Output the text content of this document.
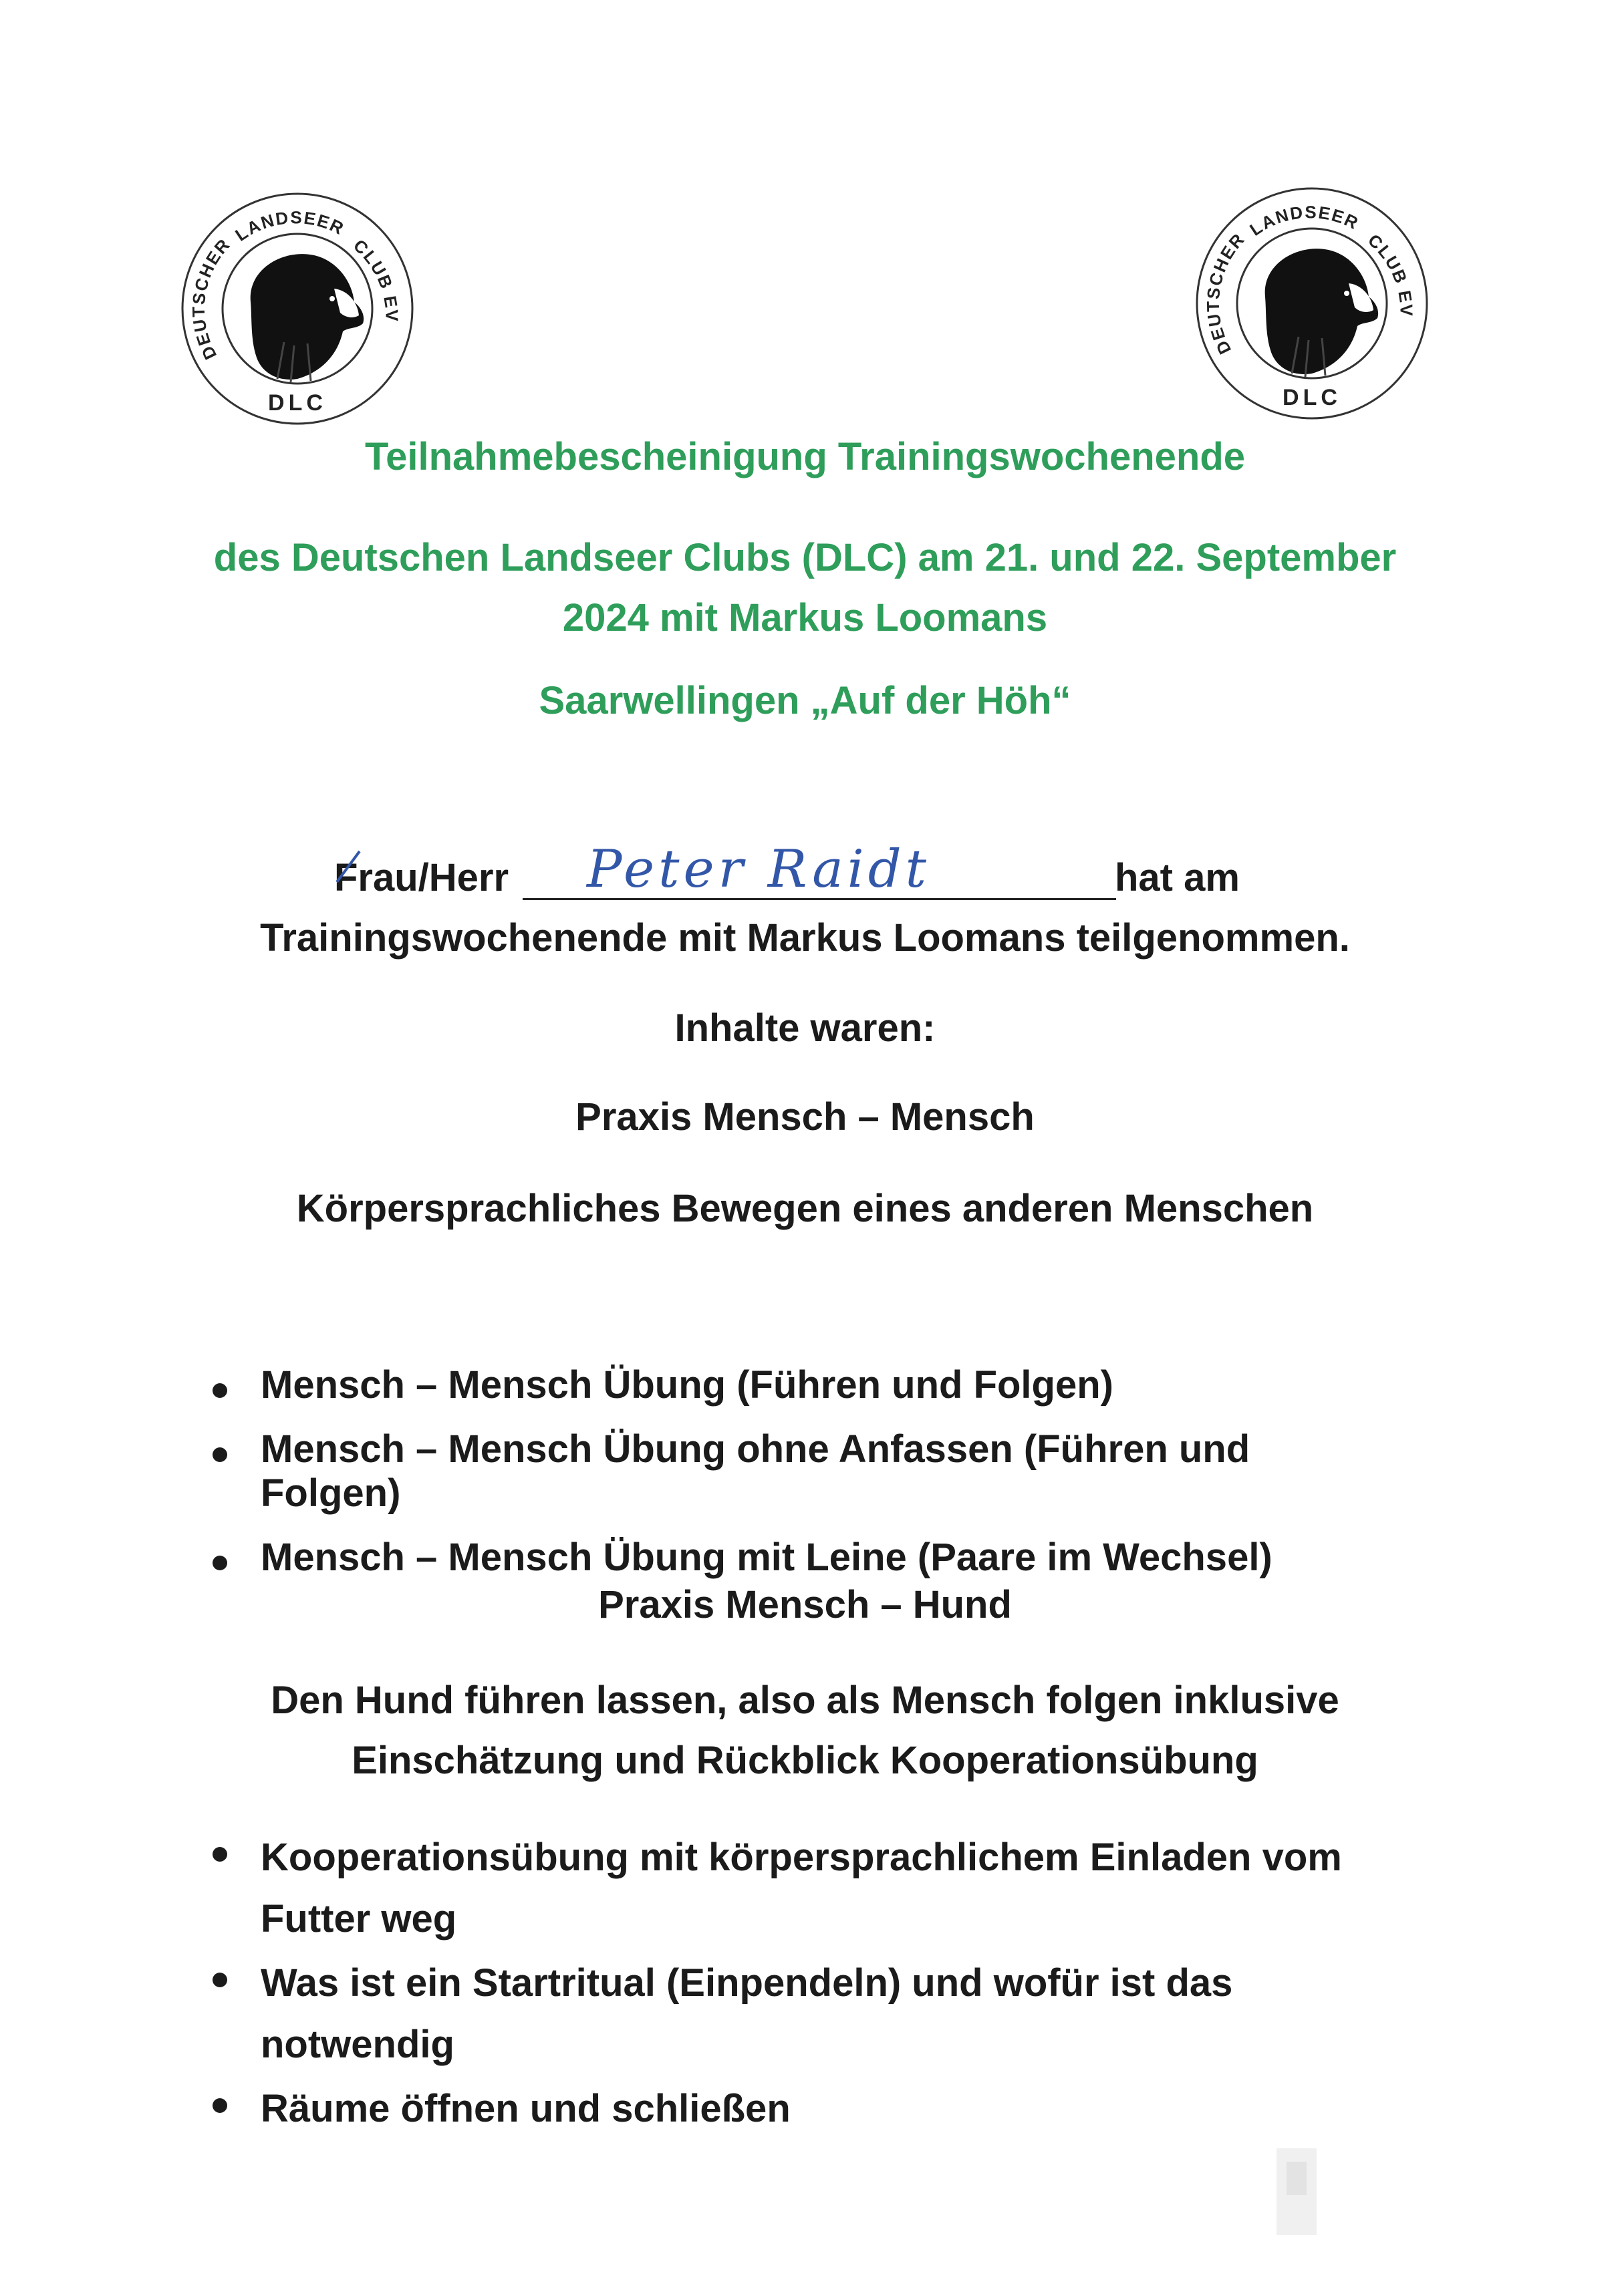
DEUTSCHER
LANDSEER
CLUB EV
DLC
DEUTSCHER
LANDSEER
CLUB EV
DLC
Teilnahmebescheinigung Trainingswochenende
des Deutschen Landseer Clubs (DLC) am 21. und 22. September
2024 mit Markus Loomans
Saarwellingen „Auf der Höh“
Frau/Herr Peter Raidt	hat am
Trainingswochenende mit Markus Loomans teilgenommen.
Inhalte waren:
Praxis Mensch – Mensch
Körpersprachliches Bewegen eines anderen Menschen
Mensch – Mensch Übung (Führen und Folgen)
Mensch – Mensch Übung ohne Anfassen (Führen und Folgen)
Mensch – Mensch Übung mit Leine (Paare im Wechsel)
Praxis Mensch – Hund
Den Hund führen lassen, also als Mensch folgen inklusive
Einschätzung und Rückblick Kooperationsübung
Kooperationsübung mit körpersprachlichem Einladen vom Futter weg
Was ist ein Startritual (Einpendeln) und wofür ist das notwendig
Räume öffnen und schließen
